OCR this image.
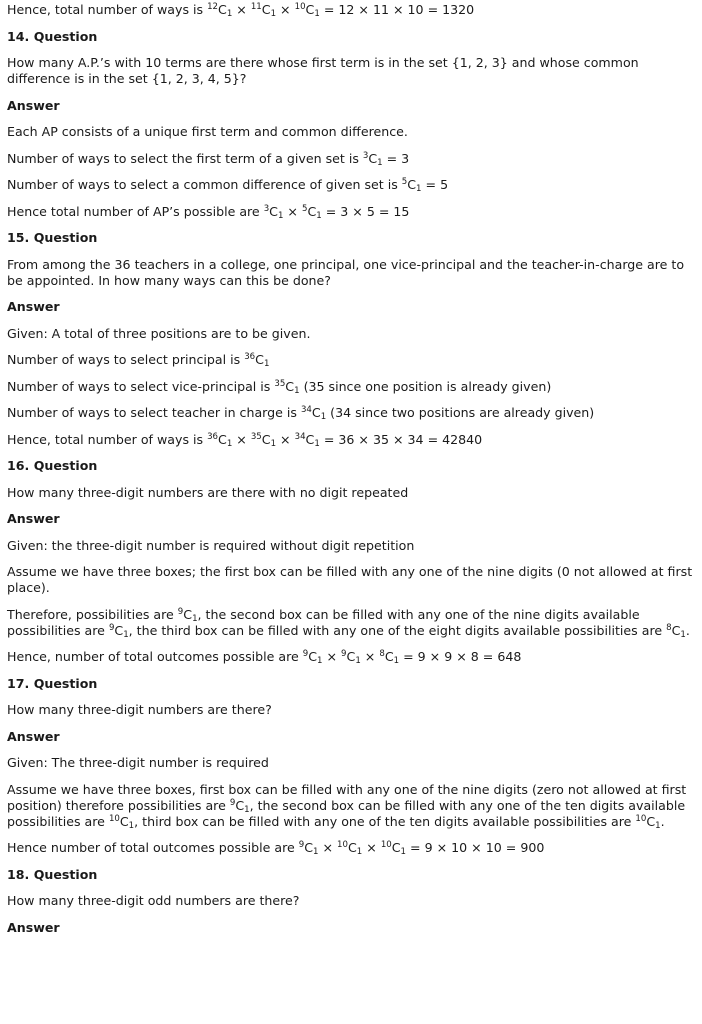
Hence, total number of ways is $^{12}C_1 \times ^{11}C_1 \times ^{10}C_1 = 12 \times 11 \times 10 = 1320$
14. Question
How many A.P.’s with 10 terms are there whose first term is in the set {1, 2, 3} and whose common difference is in the set {1, 2, 3, 4, 5}?
Answer
Each AP consists of a unique first term and common difference.
Number of ways to select the first term of a given set is $^3C_1 = 3$
Number of ways to select a common difference of given set is $^5C_1 = 5$
Hence total number of AP’s possible are $^3C_1 \times ^5C_1 = 3 \times 5 = 15$
15. Question
From among the 36 teachers in a college, one principal, one vice-principal and the teacher-in-charge are to be appointed. In how many ways can this be done?
Answer
Given: A total of three positions are to be given.
Number of ways to select principal is $^{36}C_1$
Number of ways to select vice-principal is $^{35}C_1$ (35 since one position is already given)
Number of ways to select teacher in charge is $^{34}C_1$ (34 since two positions are already given)
Hence, total number of ways is $^{36}C_1 \times ^{35}C_1 \times ^{34}C_1 = 36 \times 35 \times 34 = 42840$
16. Question
How many three-digit numbers are there with no digit repeated
Answer
Given: the three-digit number is required without digit repetition
Assume we have three boxes; the first box can be filled with any one of the nine digits (0 not allowed at first place).
Therefore, possibilities are $^9C_1$, the second box can be filled with any one of the nine digits available possibilities are $^9C_1$, the third box can be filled with any one of the eight digits available possibilities are $^8C_1$.
Hence, number of total outcomes possible are $^9C_1 \times ^9C_1 \times ^8C_1 = 9 \times 9 \times 8 = 648$
17. Question
How many three-digit numbers are there?
Answer
Given: The three-digit number is required
Assume we have three boxes, first box can be filled with any one of the nine digits (zero not allowed at first position) therefore possibilities are $^9C_1$, the second box can be filled with any one of the ten digits available possibilities are $^{10}C_1$, third box can be filled with any one of the ten digits available possibilities are $^{10}C_1$.
Hence number of total outcomes possible are $^9C_1 \times ^{10}C_1 \times ^{10}C_1 = 9 \times 10 \times 10 = 900$
18. Question
How many three-digit odd numbers are there?
Answer
